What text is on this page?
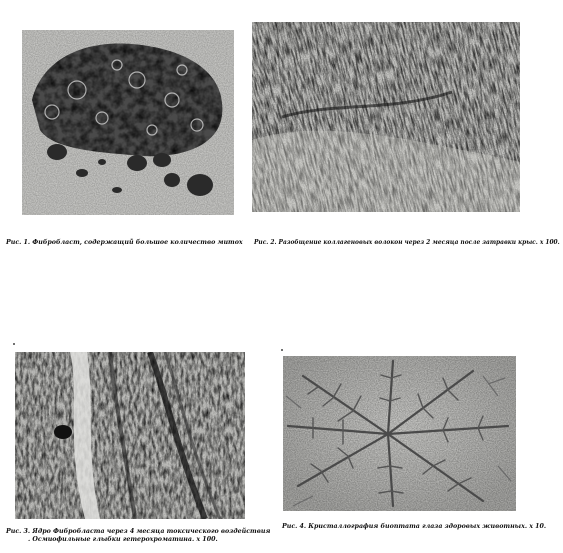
Рис. 1. Фибробласт, содержащий большое количество митох Рис. 2. Разобщение коллагеновых волокон через 2 месяца после затравки крыс. х 100.
Рис. 3. Ядро Фибробласта через 4 месяца токсического воздействия
. Осмиофильные глыбки гетерохроматина. х 100.
Рис. 4. Кристаллография биоптата глаза здоровых животных. х 10.
